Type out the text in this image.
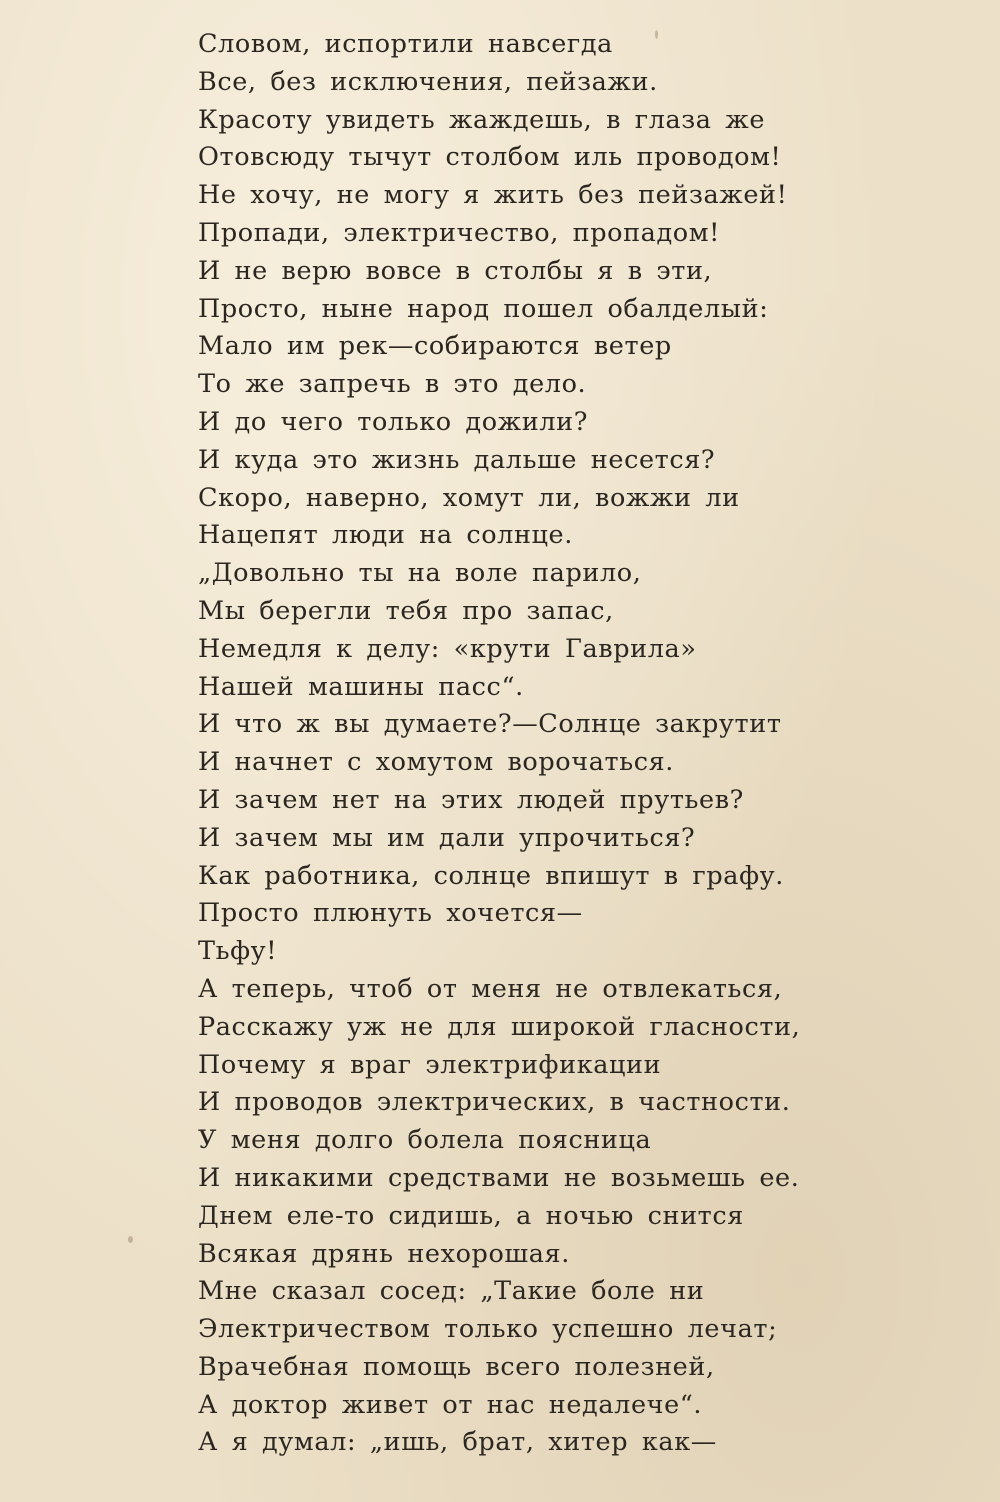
Словом, испортили навсегда
Все, без исключения, пейзажи.
Красоту увидеть жаждешь, в глаза же
Отовсюду тычут столбом иль проводом!
Не хочу, не могу я жить без пейзажей!
Пропади, электричество, пропадом!
И не верю вовсе в столбы я в эти,
Просто, ныне народ пошел обалделый:
Мало им рек—собираются ветер
То же запречь в это дело.
И до чего только дожили?
И куда это жизнь дальше несется?
Скоро, наверно, хомут ли, вожжи ли
Нацепят люди на солнце.
„Довольно ты на воле парило,
Мы берегли тебя про запас,
Немедля к делу: «крути Гаврила»
Нашей машины пасс“.
И что ж вы думаете?—Солнце закрутит
И начнет с хомутом ворочаться.
И зачем нет на этих людей прутьев?
И зачем мы им дали упрочиться?
Как работника, солнце впишут в графу.
Просто плюнуть хочется—
Тьфу!
А теперь, чтоб от меня не отвлекаться,
Расскажу уж не для широкой гласности,
Почему я враг электрификации
И проводов электрических, в частности.
У меня долго болела поясница
И никакими средствами не возьмешь ее.
Днем еле-то сидишь, а ночью снится
Всякая дрянь нехорошая.
Мне сказал сосед: „Такие боле ни
Электричеством только успешно лечат;
Врачебная помощь всего полезней,
А доктор живет от нас недалече“.
А я думал: „ишь, брат, хитер как—
